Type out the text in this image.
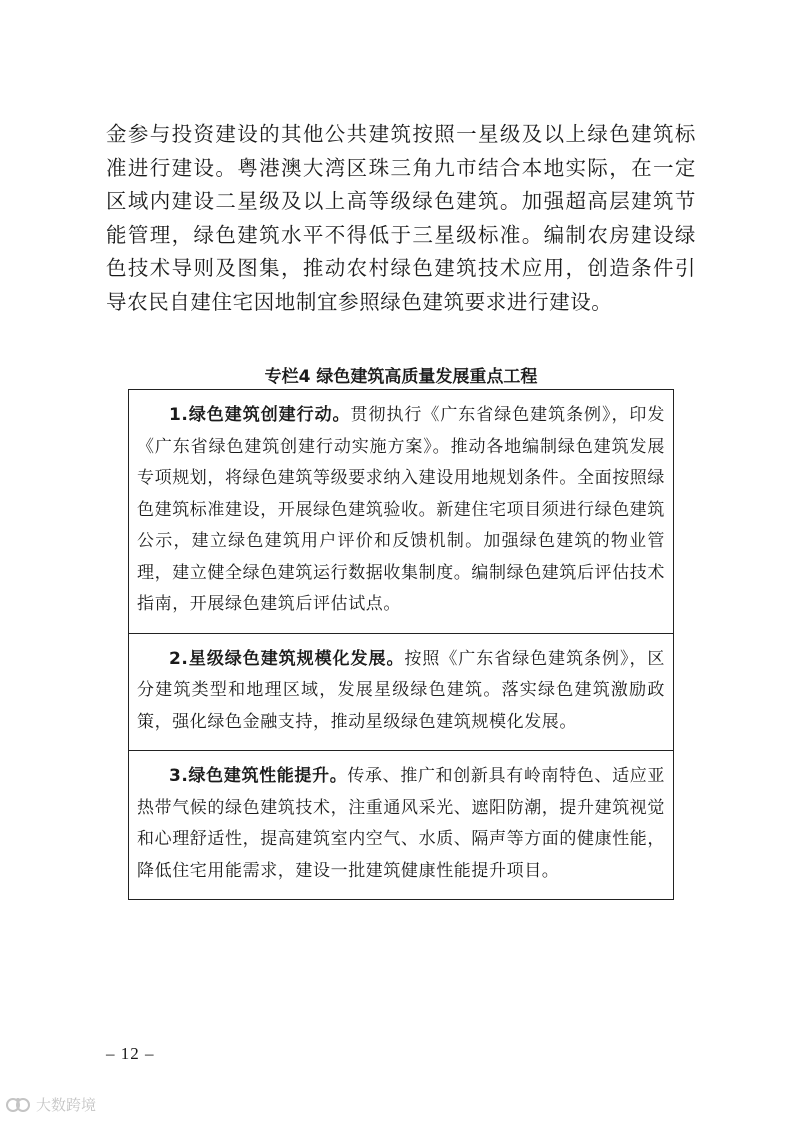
金参与投资建设的其他公共建筑按照一星级及以上绿色建筑标准进行建设。粤港澳大湾区珠三角九市结合本地实际，在一定区域内建设二星级及以上高等级绿色建筑。加强超高层建筑节能管理，绿色建筑水平不得低于三星级标准。编制农房建设绿色技术导则及图集，推动农村绿色建筑技术应用，创造条件引导农民自建住宅因地制宜参照绿色建筑要求进行建设。

专栏4 绿色建筑高质量发展重点工程

1.绿色建筑创建行动。贯彻执行《广东省绿色建筑条例》，印发《广东省绿色建筑创建行动实施方案》。推动各地编制绿色建筑发展专项规划，将绿色建筑等级要求纳入建设用地规划条件。全面按照绿色建筑标准建设，开展绿色建筑验收。新建住宅项目须进行绿色建筑公示，建立绿色建筑用户评价和反馈机制。加强绿色建筑的物业管理，建立健全绿色建筑运行数据收集制度。编制绿色建筑后评估技术指南，开展绿色建筑后评估试点。
2.星级绿色建筑规模化发展。按照《广东省绿色建筑条例》，区分建筑类型和地理区域，发展星级绿色建筑。落实绿色建筑激励政策，强化绿色金融支持，推动星级绿色建筑规模化发展。
3.绿色建筑性能提升。传承、推广和创新具有岭南特色、适应亚热带气候的绿色建筑技术，注重通风采光、遮阳防潮，提升建筑视觉和心理舒适性，提高建筑室内空气、水质、隔声等方面的健康性能，降低住宅用能需求，建设一批建筑健康性能提升项目。

– 12 –

大数跨境
